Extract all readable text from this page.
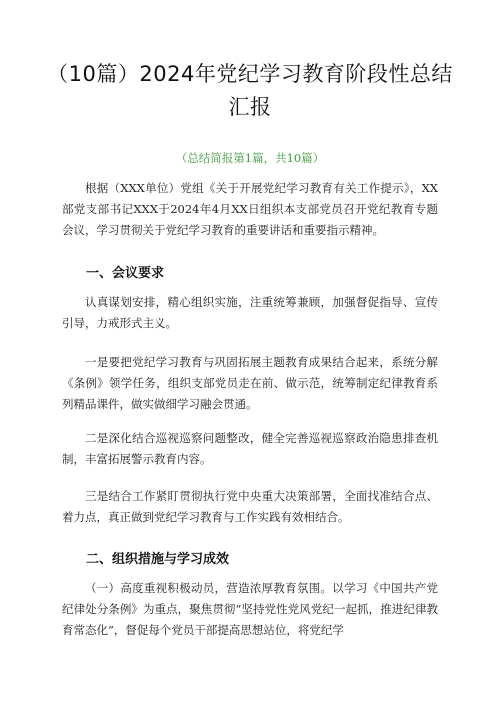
（10篇）2024年党纪学习教育阶段性总结汇报
（总结简报第1篇，共10篇）

根据（XXX单位）党组《关于开展党纪学习教育有关工作提示》，XX部党支部书记XXX于2024年4月XX日组织本支部党员召开党纪教育专题会议，学习贯彻关于党纪学习教育的重要讲话和重要指示精神。

一、会议要求

认真谋划安排，精心组织实施，注重统筹兼顾，加强督促指导、宣传引导，力戒形式主义。

一是要把党纪学习教育与巩固拓展主题教育成果结合起来，系统分解《条例》领学任务，组织支部党员走在前、做示范，统筹制定纪律教育系列精品课件，做实做细学习融会贯通。

二是深化结合巡视巡察问题整改，健全完善巡视巡察政治隐患排查机制，丰富拓展警示教育内容。

三是结合工作紧盯贯彻执行党中央重大决策部署，全面找准结合点、着力点，真正做到党纪学习教育与工作实践有效相结合。

二、组织措施与学习成效

（一）高度重视积极动员，营造浓厚教育氛围。以学习《中国共产党纪律处分条例》为重点，聚焦贯彻“坚持党性党风党纪一起抓，推进纪律教育常态化”，督促每个党员干部提高思想站位，将党纪学
